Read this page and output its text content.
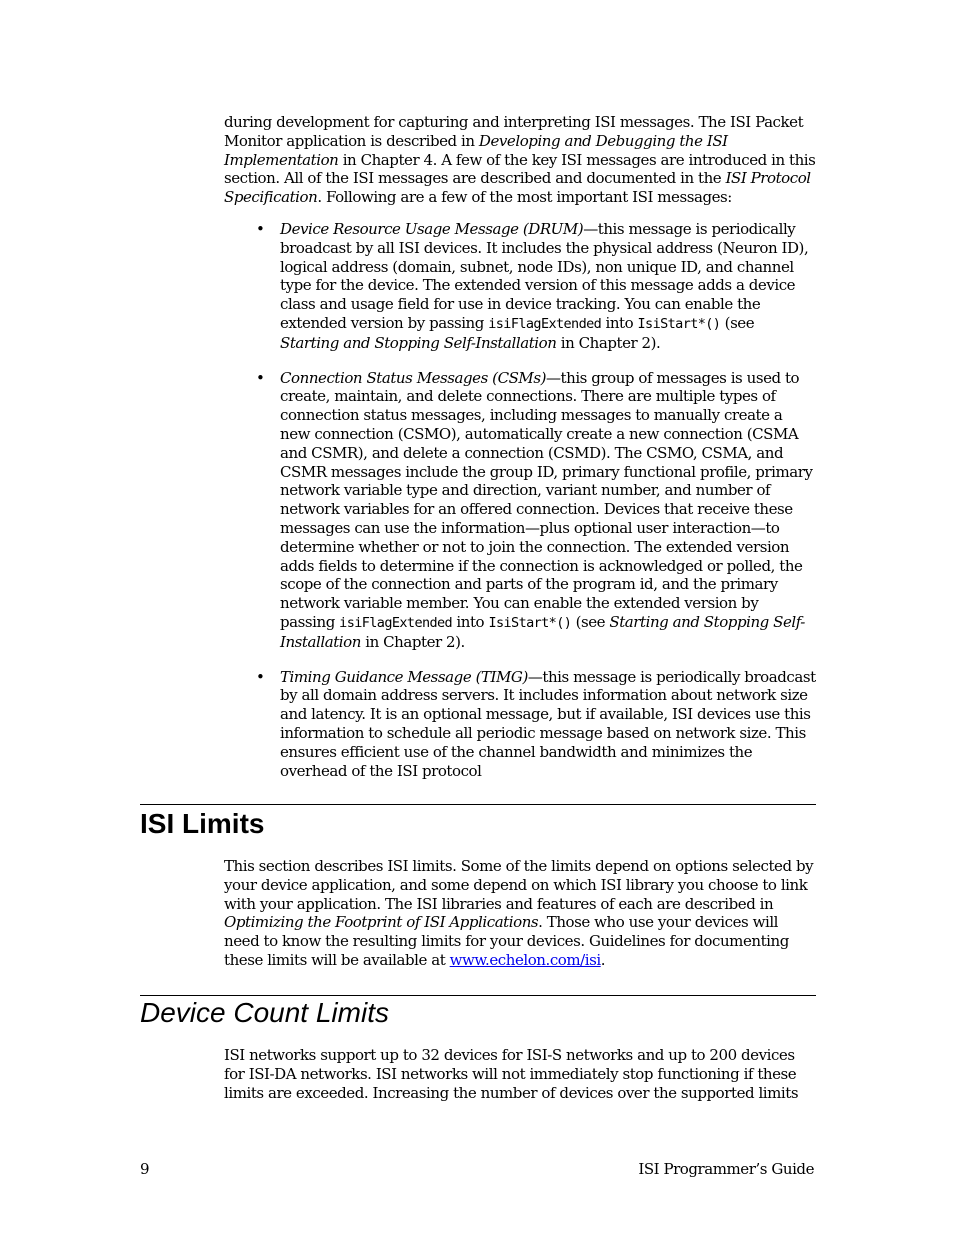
during development for capturing and interpreting ISI messages. The ISI Packet Monitor application is described in Developing and Debugging the ISI Implementation in Chapter 4. A few of the key ISI messages are introduced in this section. All of the ISI messages are described and documented in the ISI Protocol Specification. Following are a few of the most important ISI messages:

• Device Resource Usage Message (DRUM)—this message is periodically broadcast by all ISI devices. It includes the physical address (Neuron ID), logical address (domain, subnet, node IDs), non unique ID, and channel type for the device. The extended version of this message adds a device class and usage field for use in device tracking. You can enable the extended version by passing isiFlagExtended into IsiStart*() (see Starting and Stopping Self-Installation in Chapter 2).
• Connection Status Messages (CSMs)—this group of messages is used to create, maintain, and delete connections. There are multiple types of connection status messages, including messages to manually create a new connection (CSMO), automatically create a new connection (CSMA and CSMR), and delete a connection (CSMD). The CSMO, CSMA, and CSMR messages include the group ID, primary functional profile, primary network variable type and direction, variant number, and number of network variables for an offered connection. Devices that receive these messages can use the information—plus optional user interaction—to determine whether or not to join the connection. The extended version adds fields to determine if the connection is acknowledged or polled, the scope of the connection and parts of the program id, and the primary network variable member. You can enable the extended version by passing isiFlagExtended into IsiStart*() (see Starting and Stopping Self-Installation in Chapter 2).
• Timing Guidance Message (TIMG)—this message is periodically broadcast by all domain address servers. It includes information about network size and latency. It is an optional message, but if available, ISI devices use this information to schedule all periodic message based on network size. This ensures efficient use of the channel bandwidth and minimizes the overhead of the ISI protocol
ISI Limits

This section describes ISI limits. Some of the limits depend on options selected by your device application, and some depend on which ISI library you choose to link with your application. The ISI libraries and features of each are described in Optimizing the Footprint of ISI Applications. Those who use your devices will need to know the resulting limits for your devices. Guidelines for documenting these limits will be available at www.echelon.com/isi.

Device Count Limits

ISI networks support up to 32 devices for ISI-S networks and up to 200 devices for ISI-DA networks. ISI networks will not immediately stop functioning if these limits are exceeded. Increasing the number of devices over the supported limits

9	ISI Programmer’s Guide
